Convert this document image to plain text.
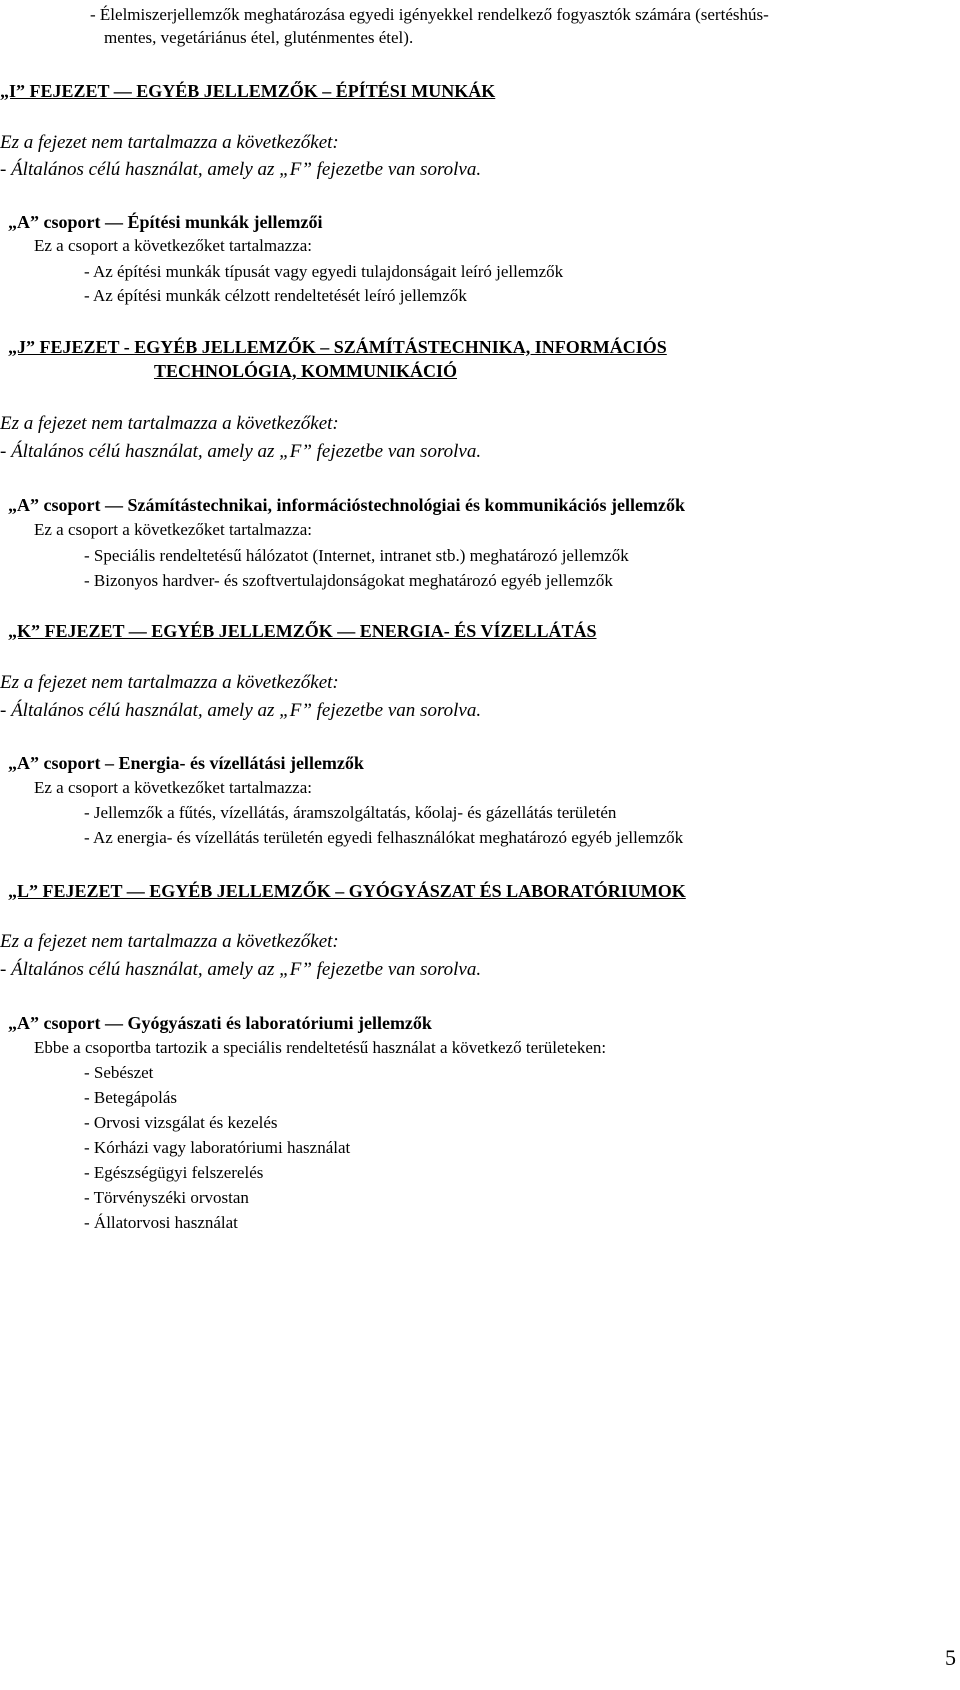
- Élelmiszerjellemzők meghatározása egyedi igényekkel rendelkező fogyasztók számára (sertéshús-
mentes, vegetáriánus étel, gluténmentes étel).
„I” FEJEZET — EGYÉB JELLEMZŐK – ÉPÍTÉSI MUNKÁK
Ez a fejezet nem tartalmazza a következőket:
- Általános célú használat, amely az „F” fejezetbe van sorolva.
„A” csoport — Építési munkák jellemzői
Ez a csoport a következőket tartalmazza:
- Az építési munkák típusát vagy egyedi tulajdonságait leíró jellemzők
- Az építési munkák célzott rendeltetését leíró jellemzők
„J” FEJEZET - EGYÉB JELLEMZŐK – SZÁMÍTÁSTECHNIKA, INFORMÁCIÓS
TECHNOLÓGIA, KOMMUNIKÁCIÓ
Ez a fejezet nem tartalmazza a következőket:
- Általános célú használat, amely az „F” fejezetbe van sorolva.
„A” csoport — Számítástechnikai, információstechnológiai és kommunikációs jellemzők
Ez a csoport a következőket tartalmazza:
- Speciális rendeltetésű hálózatot (Internet, intranet stb.) meghatározó jellemzők
- Bizonyos hardver- és szoftvertulajdonságokat meghatározó egyéb jellemzők
„K” FEJEZET — EGYÉB JELLEMZŐK — ENERGIA- ÉS VÍZELLÁTÁS
Ez a fejezet nem tartalmazza a következőket:
- Általános célú használat, amely az „F” fejezetbe van sorolva.
„A” csoport – Energia- és vízellátási jellemzők
Ez a csoport a következőket tartalmazza:
- Jellemzők a fűtés, vízellátás, áramszolgáltatás, kőolaj- és gázellátás területén
- Az energia- és vízellátás területén egyedi felhasználókat meghatározó egyéb jellemzők
„L” FEJEZET — EGYÉB JELLEMZŐK – GYÓGYÁSZAT ÉS LABORATÓRIUMOK
Ez a fejezet nem tartalmazza a következőket:
- Általános célú használat, amely az „F” fejezetbe van sorolva.
„A” csoport — Gyógyászati és laboratóriumi jellemzők
Ebbe a csoportba tartozik a speciális rendeltetésű használat a következő területeken:
- Sebészet
- Betegápolás
- Orvosi vizsgálat és kezelés
- Kórházi vagy laboratóriumi használat
- Egészségügyi felszerelés
- Törvényszéki orvostan
- Állatorvosi használat
5
